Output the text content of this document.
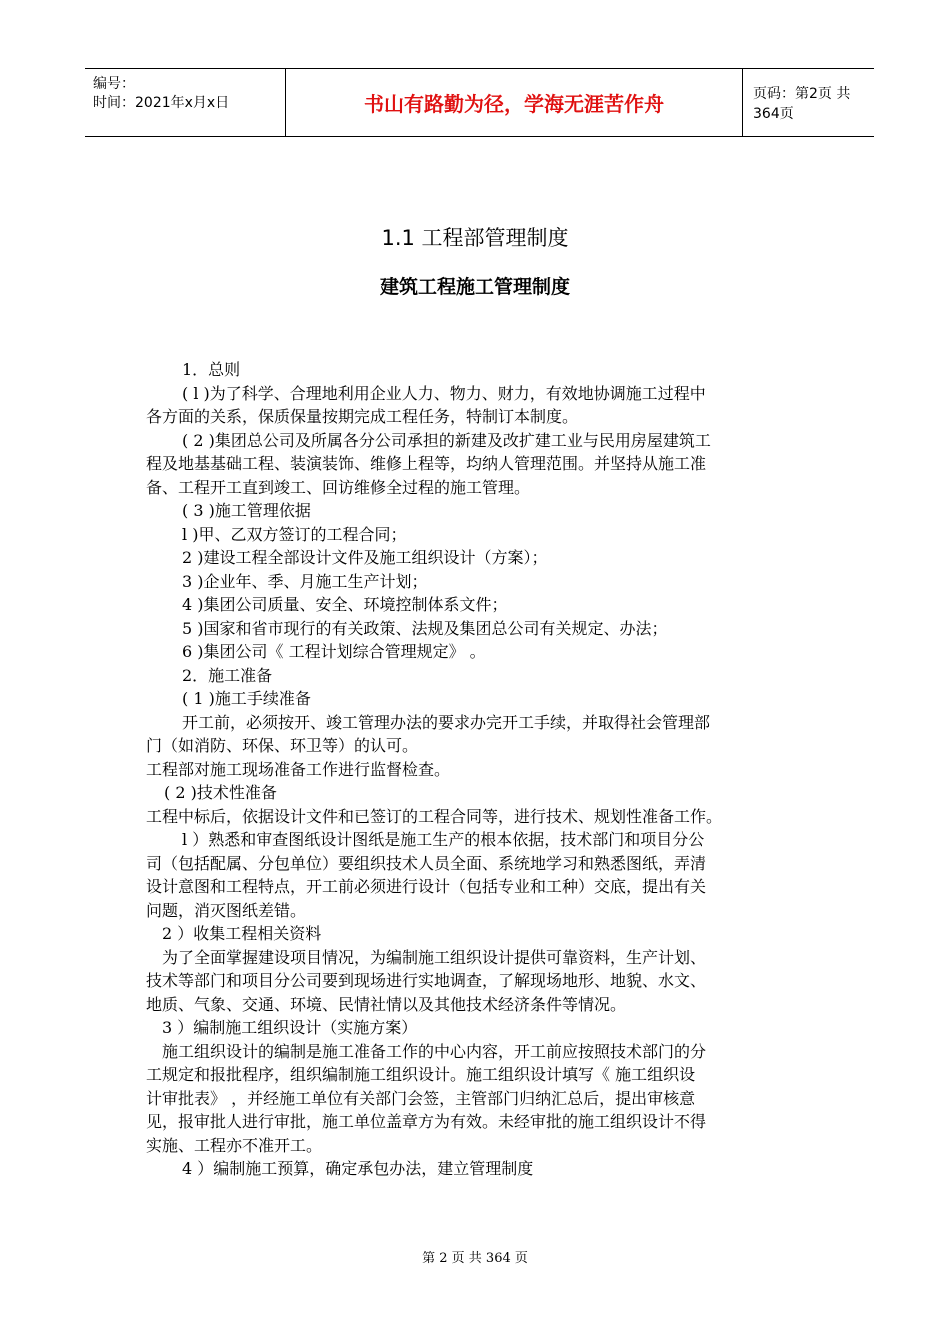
编号：
时间：2021年x月x日	书山有路勤为径，学海无涯苦作舟	页码：第2页 共364页
1.1 工程部管理制度
建筑工程施工管理制度

1．总则

( l )为了科学、合理地利用企业人力、物力、财力，有效地协调施工过程中

各方面的关系，保质保量按期完成工程任务，特制订本制度。

( 2 )集团总公司及所属各分公司承担的新建及改扩建工业与民用房屋建筑工

程及地基基础工程、装演装饰、维修上程等，均纳人管理范围。并坚持从施工准

备、工程开工直到竣工、回访维修全过程的施工管理。

( 3 )施工管理依据

l )甲、乙双方签订的工程合同；

2 )建设工程全部设计文件及施工组织设计（方案）；

3 )企业年、季、月施工生产计划；

4 )集团公司质量、安全、环境控制体系文件；

5 )国家和省市现行的有关政策、法规及集团总公司有关规定、办法；

6 )集团公司《 工程计划综合管理规定》 。

2．施工准备

( 1 )施工手续准备

开工前，必须按开、竣工管理办法的要求办完开工手续，并取得社会管理部

门（如消防、环保、环卫等）的认可。

工程部对施工现场准备工作进行监督检查。

( 2 )技术性准备

工程中标后，依据设计文件和已签订的工程合同等，进行技术、规划性准备工作。

l ）熟悉和审查图纸设计图纸是施工生产的根本依据，技术部门和项目分公

司（包括配属、分包单位）要组织技术人员全面、系统地学习和熟悉图纸，弄清

设计意图和工程特点，开工前必须进行设计（包括专业和工种）交底，提出有关

问题，消灭图纸差错。

2 ）收集工程相关资料

为了全面掌握建设项目情况，为编制施工组织设计提供可靠资料，生产计划、

技术等部门和项目分公司要到现场进行实地调查，了解现场地形、地貌、水文、

地质、气象、交通、环境、民情社情以及其他技术经济条件等情况。

3 ）编制施工组织设计（实施方案）

施工组织设计的编制是施工准备工作的中心内容，开工前应按照技术部门的分

工规定和报批程序，组织编制施工组织设计。施工组织设计填写《 施工组织设

计审批表》 ，并经施工单位有关部门会签，主管部门归纳汇总后，提出审核意

见，报审批人进行审批，施工单位盖章方为有效。未经审批的施工组织设计不得

实施、工程亦不准开工。

4 ）编制施工预算，确定承包办法，建立管理制度

第 2 页 共 364 页
